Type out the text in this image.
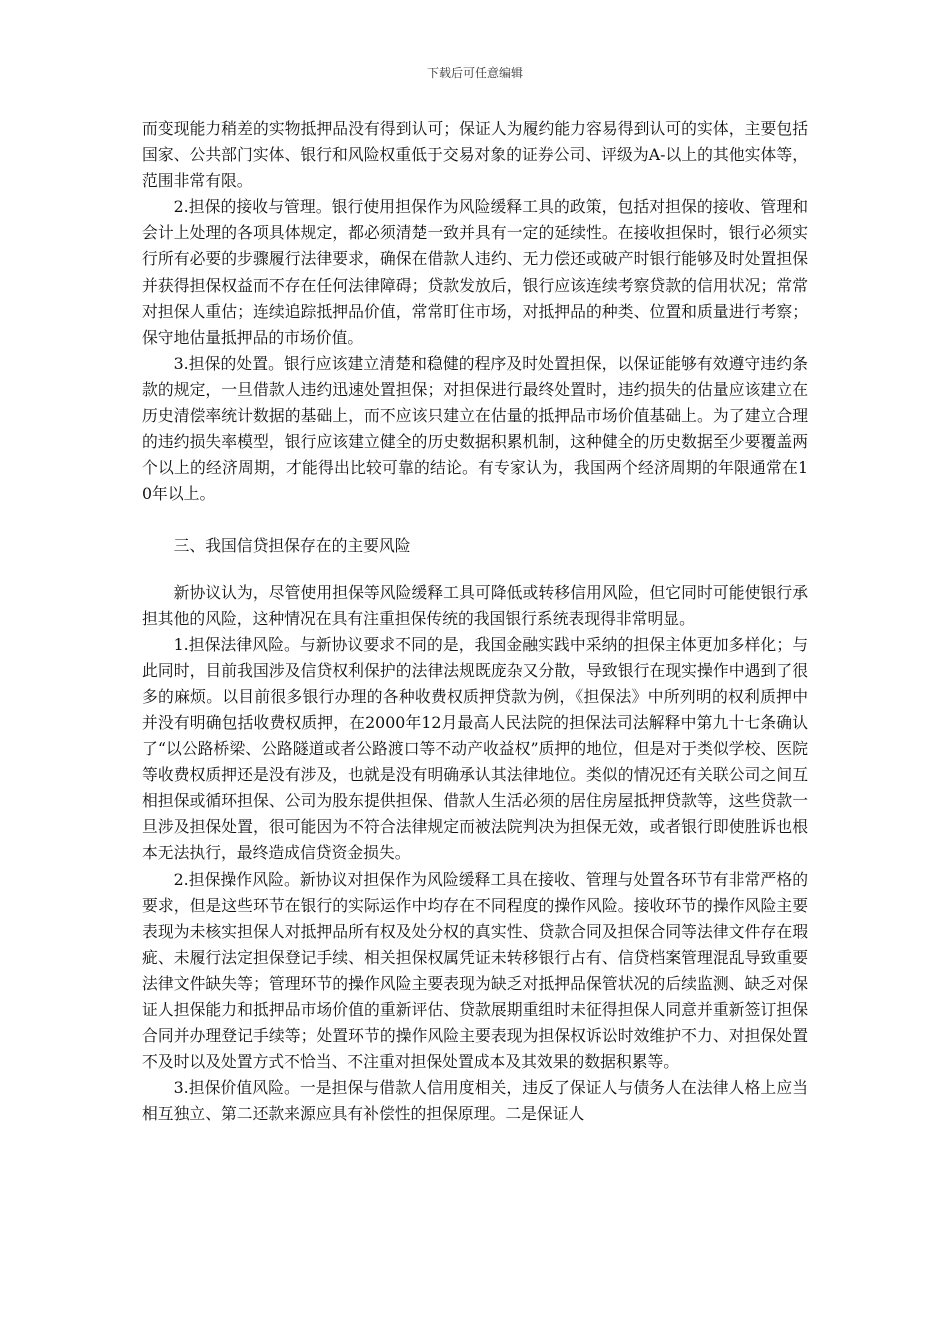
下载后可任意编辑

而变现能力稍差的实物抵押品没有得到认可；保证人为履约能力容易得到认可的实体，主要包括国家、公共部门实体、银行和风险权重低于交易对象的证券公司、评级为A-以上的其他实体等，范围非常有限。

2.担保的接收与管理。银行使用担保作为风险缓释工具的政策，包括对担保的接收、管理和会计上处理的各项具体规定，都必须清楚一致并具有一定的延续性。在接收担保时，银行必须实行所有必要的步骤履行法律要求，确保在借款人违约、无力偿还或破产时银行能够及时处置担保并获得担保权益而不存在任何法律障碍；贷款发放后，银行应该连续考察贷款的信用状况；常常对担保人重估；连续追踪抵押品价值，常常盯住市场，对抵押品的种类、位置和质量进行考察；保守地估量抵押品的市场价值。

3.担保的处置。银行应该建立清楚和稳健的程序及时处置担保，以保证能够有效遵守违约条款的规定，一旦借款人违约迅速处置担保；对担保进行最终处置时，违约损失的估量应该建立在历史清偿率统计数据的基础上，而不应该只建立在估量的抵押品市场价值基础上。为了建立合理的违约损失率模型，银行应该建立健全的历史数据积累机制，这种健全的历史数据至少要覆盖两个以上的经济周期，才能得出比较可靠的结论。有专家认为，我国两个经济周期的年限通常在10年以上。

三、我国信贷担保存在的主要风险

新协议认为，尽管使用担保等风险缓释工具可降低或转移信用风险，但它同时可能使银行承担其他的风险，这种情况在具有注重担保传统的我国银行系统表现得非常明显。

1.担保法律风险。与新协议要求不同的是，我国金融实践中采纳的担保主体更加多样化；与此同时，目前我国涉及信贷权利保护的法律法规既庞杂又分散，导致银行在现实操作中遇到了很多的麻烦。以目前很多银行办理的各种收费权质押贷款为例，《担保法》中所列明的权利质押中并没有明确包括收费权质押，在2000年12月最高人民法院的担保法司法解释中第九十七条确认了“以公路桥梁、公路隧道或者公路渡口等不动产收益权”质押的地位，但是对于类似学校、医院等收费权质押还是没有涉及，也就是没有明确承认其法律地位。类似的情况还有关联公司之间互相担保或循环担保、公司为股东提供担保、借款人生活必须的居住房屋抵押贷款等，这些贷款一旦涉及担保处置，很可能因为不符合法律规定而被法院判决为担保无效，或者银行即使胜诉也根本无法执行，最终造成信贷资金损失。

2.担保操作风险。新协议对担保作为风险缓释工具在接收、管理与处置各环节有非常严格的要求，但是这些环节在银行的实际运作中均存在不同程度的操作风险。接收环节的操作风险主要表现为未核实担保人对抵押品所有权及处分权的真实性、贷款合同及担保合同等法律文件存在瑕疵、未履行法定担保登记手续、相关担保权属凭证未转移银行占有、信贷档案管理混乱导致重要法律文件缺失等；管理环节的操作风险主要表现为缺乏对抵押品保管状况的后续监测、缺乏对保证人担保能力和抵押品市场价值的重新评估、贷款展期重组时未征得担保人同意并重新签订担保合同并办理登记手续等；处置环节的操作风险主要表现为担保权诉讼时效维护不力、对担保处置不及时以及处置方式不恰当、不注重对担保处置成本及其效果的数据积累等。

3.担保价值风险。一是担保与借款人信用度相关，违反了保证人与债务人在法律人格上应当相互独立、第二还款来源应具有补偿性的担保原理。二是保证人
